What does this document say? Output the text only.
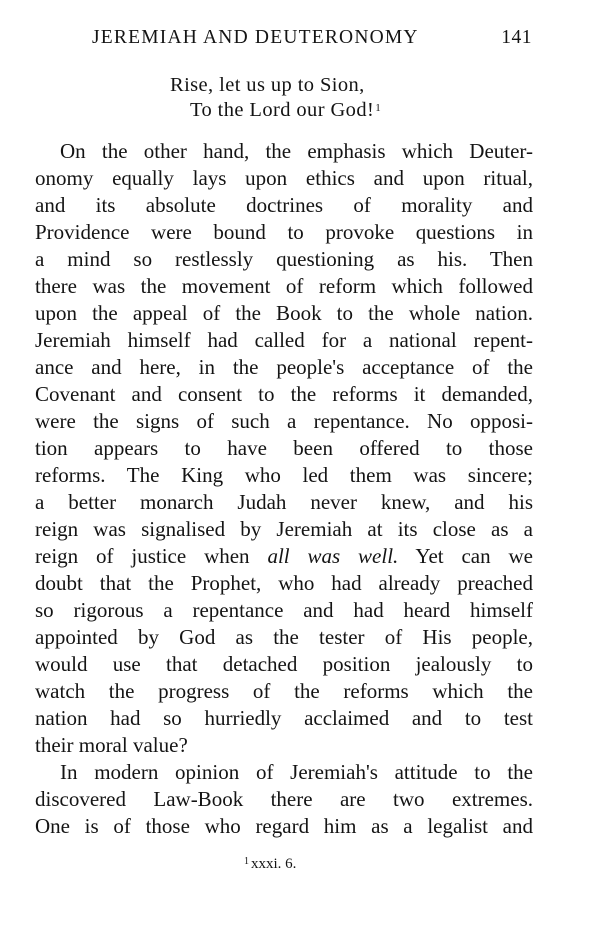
JEREMIAH AND DEUTERONOMY	141
Rise, let us up to Sion,
To the Lord our God!$^1$
On the other hand, the emphasis which Deuter-
onomy equally lays upon ethics and upon ritual,
and its absolute doctrines of morality and
Providence were bound to provoke questions in
a mind so restlessly questioning as his. Then
there was the movement of reform which followed
upon the appeal of the Book to the whole nation.
Jeremiah himself had called for a national repent-
ance and here, in the people's acceptance of the
Covenant and consent to the reforms it demanded,
were the signs of such a repentance. No opposi-
tion appears to have been offered to those
reforms. The King who led them was sincere;
a better monarch Judah never knew, and his
reign was signalised by Jeremiah at its close as a
reign of justice when all was well. Yet can we
doubt that the Prophet, who had already preached
so rigorous a repentance and had heard himself
appointed by God as the tester of His people,
would use that detached position jealously to
watch the progress of the reforms which the
nation had so hurriedly acclaimed and to test
their moral value?
In modern opinion of Jeremiah's attitude to the
discovered Law-Book there are two extremes.
One is of those who regard him as a legalist and
$^1$ xxxi. 6.
